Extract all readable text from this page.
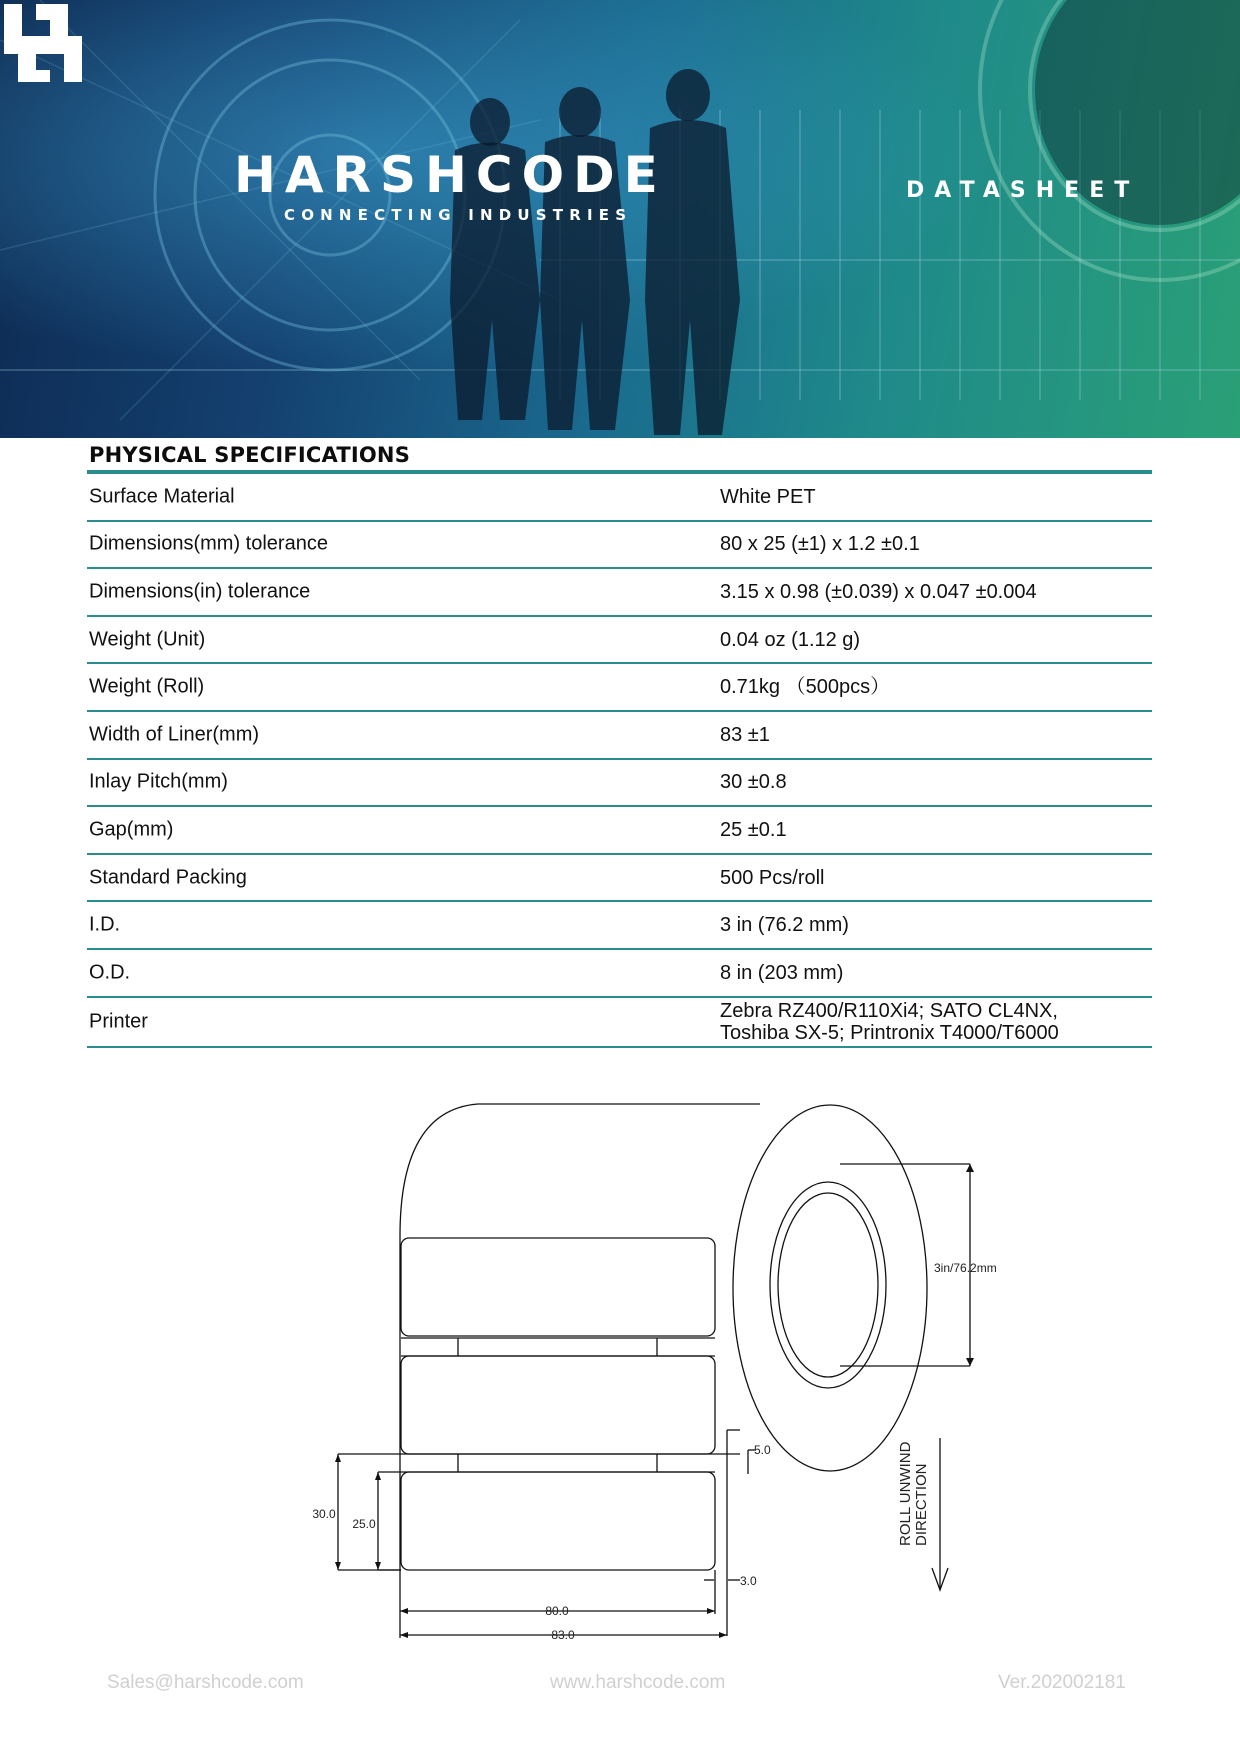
HARSHCODE
CONNECTING INDUSTRIES
DATASHEET
PHYSICAL SPECIFICATIONS
Surface Material	White PET
Dimensions(mm) tolerance	80 x 25 (±1) x 1.2 ±0.1
Dimensions(in) tolerance	3.15 x 0.98 (±0.039) x 0.047 ±0.004
Weight (Unit)	0.04 oz (1.12 g)
Weight (Roll)	0.71kg （500pcs）
Width of Liner(mm)	83 ±1
Inlay Pitch(mm)	30 ±0.8
Gap(mm)	25 ±0.1
Standard Packing	500 Pcs/roll
I.D.	3 in (76.2 mm)
O.D.	8 in (203 mm)
Printer	Zebra RZ400/R110Xi4; SATO CL4NX,
Toshiba SX-5; Printronix T4000/T6000
3in/76.2mm
5.0
30.0
25.0
3.0
80.0
83.0
ROLL UNWIND DIRECTION
Sales@harshcode.com	www.harshcode.com	Ver.202002181
